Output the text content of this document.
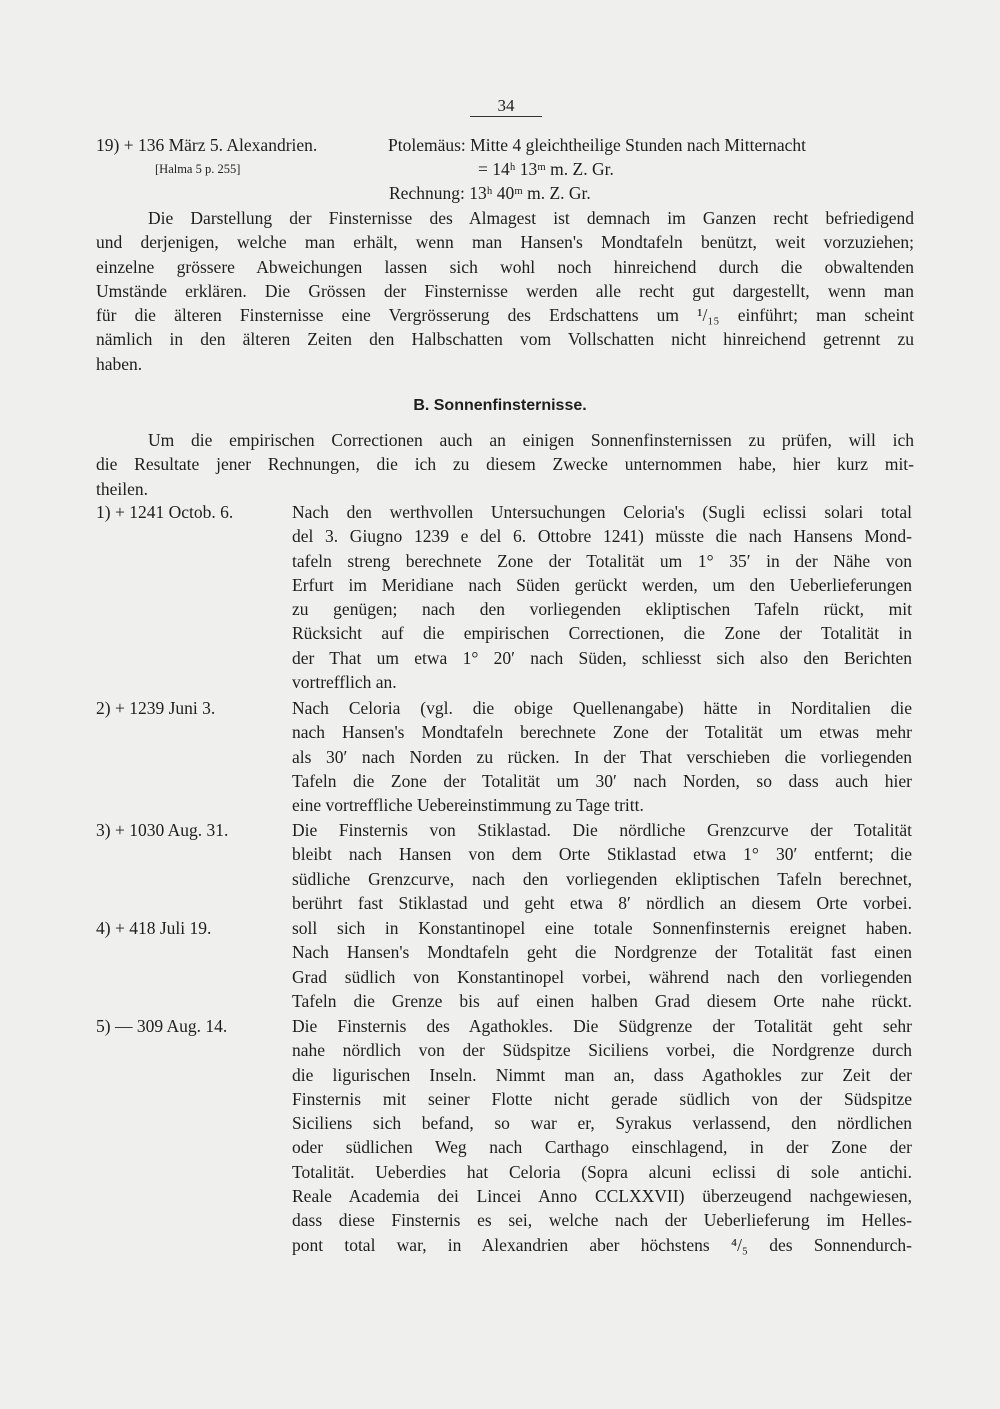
34
19) + 136 März 5. Alexandrien.
[Halma 5 p. 255]
Ptolemäus: Mitte 4 gleichtheilige Stunden nach Mitternacht
= 14ʰ 13ᵐ m. Z. Gr.
Rechnung: 13ʰ 40ᵐ m. Z. Gr.
Die Darstellung der Finsternisse des Almagest ist demnach im Ganzen recht befriedigend
und derjenigen, welche man erhält, wenn man Hansen's Mondtafeln benützt, weit vorzuziehen;
einzelne grössere Abweichungen lassen sich wohl noch hinreichend durch die obwaltenden
Umstände erklären. Die Grössen der Finsternisse werden alle recht gut dargestellt, wenn man
für die älteren Finsternisse eine Vergrösserung des Erdschattens um ¹/₁₅ einführt; man scheint
nämlich in den älteren Zeiten den Halbschatten vom Vollschatten nicht hinreichend getrennt zu
haben.
B. Sonnenfinsternisse.
Um die empirischen Correctionen auch an einigen Sonnenfinsternissen zu prüfen, will ich
die Resultate jener Rechnungen, die ich zu diesem Zwecke unternommen habe, hier kurz mit-
theilen.
1) + 1241 Octob. 6.	Nach den werthvollen Untersuchungen Celoria's (Sugli eclissi solari total
del 3. Giugno 1239 e del 6. Ottobre 1241) müsste die nach Hansens Mond-
tafeln streng berechnete Zone der Totalität um 1° 35′ in der Nähe von
Erfurt im Meridiane nach Süden gerückt werden, um den Ueberlieferungen
zu genügen; nach den vorliegenden ekliptischen Tafeln rückt, mit
Rücksicht auf die empirischen Correctionen, die Zone der Totalität in
der That um etwa 1° 20′ nach Süden, schliesst sich also den Berichten
vortrefflich an.
2) + 1239 Juni 3.	Nach Celoria (vgl. die obige Quellenangabe) hätte in Norditalien die
nach Hansen's Mondtafeln berechnete Zone der Totalität um etwas mehr
als 30′ nach Norden zu rücken. In der That verschieben die vorliegenden
Tafeln die Zone der Totalität um 30′ nach Norden, so dass auch hier
eine vortreffliche Uebereinstimmung zu Tage tritt.
3) + 1030 Aug. 31.	Die Finsternis von Stiklastad. Die nördliche Grenzcurve der Totalität
bleibt nach Hansen von dem Orte Stiklastad etwa 1° 30′ entfernt; die
südliche Grenzcurve, nach den vorliegenden ekliptischen Tafeln berechnet,
berührt fast Stiklastad und geht etwa 8′ nördlich an diesem Orte vorbei.
4) + 418 Juli 19.	soll sich in Konstantinopel eine totale Sonnenfinsternis ereignet haben.
Nach Hansen's Mondtafeln geht die Nordgrenze der Totalität fast einen
Grad südlich von Konstantinopel vorbei, während nach den vorliegenden
Tafeln die Grenze bis auf einen halben Grad diesem Orte nahe rückt.
5) — 309 Aug. 14.	Die Finsternis des Agathokles. Die Südgrenze der Totalität geht sehr
nahe nördlich von der Südspitze Siciliens vorbei, die Nordgrenze durch
die ligurischen Inseln. Nimmt man an, dass Agathokles zur Zeit der
Finsternis mit seiner Flotte nicht gerade südlich von der Südspitze
Siciliens sich befand, so war er, Syrakus verlassend, den nördlichen
oder südlichen Weg nach Carthago einschlagend, in der Zone der
Totalität. Ueberdies hat Celoria (Sopra alcuni eclissi di sole antichi.
Reale Academia dei Lincei Anno CCLXXVII) überzeugend nachgewiesen,
dass diese Finsternis es sei, welche nach der Ueberlieferung im Helles-
pont total war, in Alexandrien aber höchstens ⁴/₅ des Sonnendurch-
